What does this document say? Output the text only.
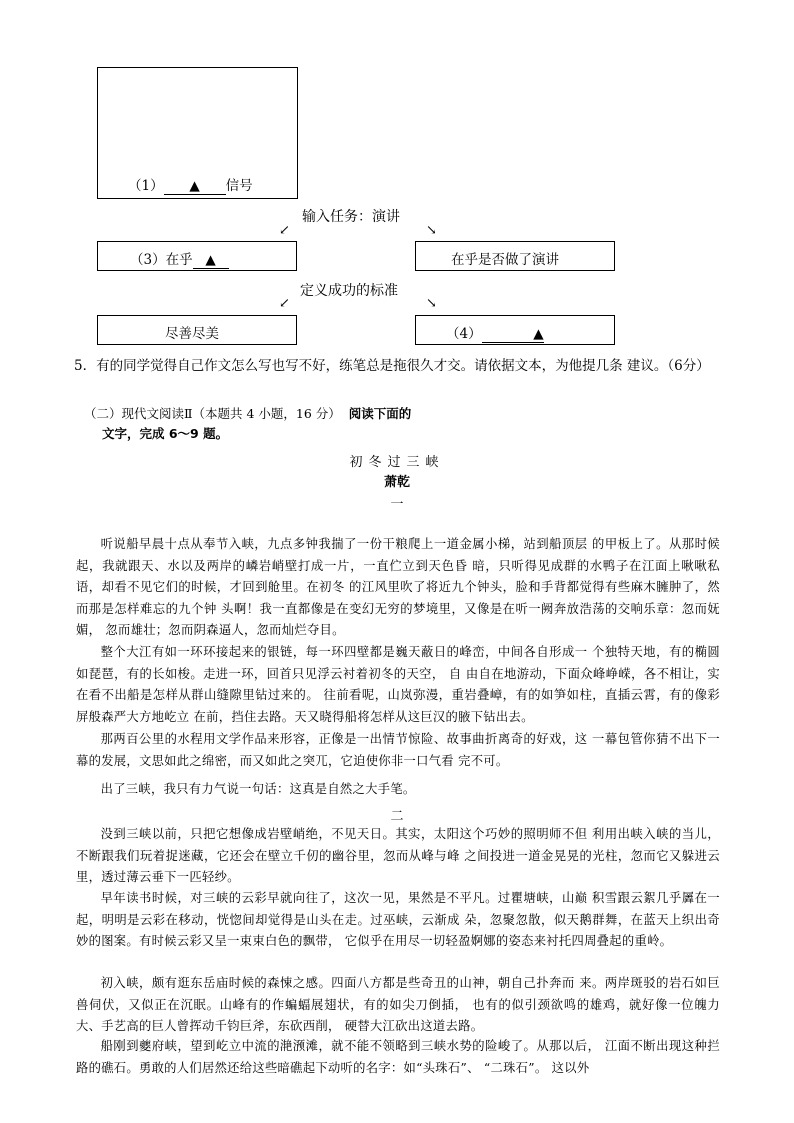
（1） ▲ 信号
输入任务：演讲
↙	↘
（3）在乎 ▲	在乎是否做了演讲
定义成功的标准
↙	↘
尽善尽美	（4）	▲
5．有的同学觉得自己作文怎么写也写不好，练笔总是拖很久才交。请依据文本，为他提几条 建议。（6分）
（二）现代文阅读Ⅱ（本题共 4 小题，16 分） 阅读下面的
文字，完成 6～9 题。
初冬过三峡
萧乾
一
听说船早晨十点从奉节入峡，九点多钟我揣了一份干粮爬上一道金属小梯，站到船顶层 的甲板上了。从那时候起，我就跟天、水以及两岸的嶙岩峭壁打成一片，一直伫立到天色昏 暗，只听得见成群的水鸭子在江面上啾啾私语，却看不见它们的时候，才回到舱里。在初冬 的江风里吹了将近九个钟头，脸和手背都觉得有些麻木臃肿了，然而那是怎样难忘的九个钟 头啊！我一直都像是在变幻无穷的梦境里，又像是在听一阙奔放浩荡的交响乐章：忽而妩媚， 忽而雄壮；忽而阴森逼人，忽而灿烂夺目。
整个大江有如一环环接起来的银链，每一环四壁都是巍天蔽日的峰峦，中间各自形成一 个独特天地，有的椭圆如琵琶，有的长如梭。走进一环，回首只见浮云衬着初冬的天空， 自 由自在地游动，下面众峰峥嵘，各不相让，实在看不出船是怎样从群山缝隙里钻过来的。 往前看呢，山岚弥漫，重岩叠嶂，有的如笋如柱，直插云霄，有的像彩屏般森严大方地屹立 在前，挡住去路。天又晓得船将怎样从这巨汉的腋下钻出去。
那两百公里的水程用文学作品来形容，正像是一出情节惊险、故事曲折离奇的好戏，这 一幕包管你猜不出下一幕的发展，文思如此之绵密，而又如此之突兀，它迫使你非一口气看 完不可。
出了三峡，我只有力气说一句话：这真是自然之大手笔。
二
没到三峡以前，只把它想像成岩壁峭绝，不见天日。其实，太阳这个巧妙的照明师不但 利用出峡入峡的当儿，不断跟我们玩着捉迷藏，它还会在壁立千仞的幽谷里，忽而从峰与峰 之间投进一道金晃晃的光柱，忽而它又躲进云里，透过薄云垂下一匹轻纱。
早年读书时候，对三峡的云彩早就向往了，这次一见，果然是不平凡。过瞿塘峡，山巅 积雪跟云絮几乎羼在一起，明明是云彩在移动，恍惚间却觉得是山头在走。过巫峡，云渐成 朵，忽聚忽散，似天鹅群舞，在蓝天上织出奇妙的图案。有时候云彩又呈一束束白色的飘带， 它似乎在用尽一切轻盈婀娜的姿态来衬托四周叠起的重岭。
初入峡，颇有逛东岳庙时候的森悚之感。四面八方都是些奇丑的山神，朝自己扑奔而 来。两岸斑驳的岩石如巨兽伺伏，又似正在沉眠。山峰有的作蝙蝠展翅状，有的如尖刀倒插， 也有的似引颈欲鸣的雄鸡，就好像一位魄力大、手艺高的巨人曾挥动千钧巨斧，东砍西削， 硬替大江砍出这道去路。
船刚到夔府峡，望到屹立中流的滟滪滩，就不能不领略到三峡水势的险峻了。从那以后， 江面不断出现这种拦路的礁石。勇敢的人们居然还给这些暗礁起下动听的名字：如“头珠石”、 “二珠石”。 这以外
